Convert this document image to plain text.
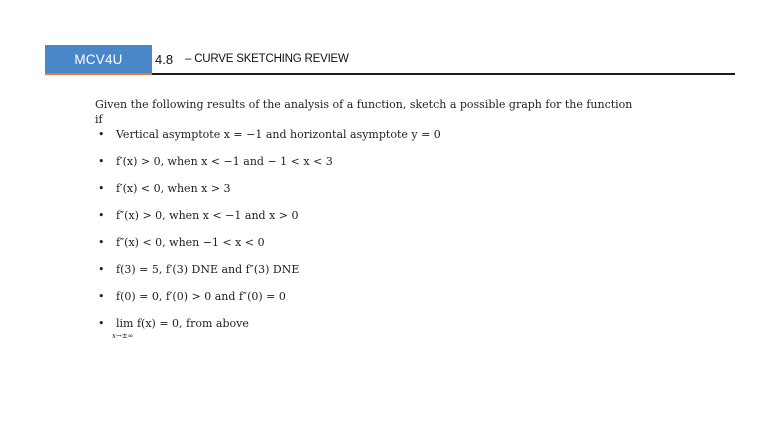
MCV4U 4.8 – CURVE SKETCHING REVIEW

Given the following results of the analysis of a function, sketch a possible graph for the function if

• Vertical asymptote x = −1 and horizontal asymptote y = 0
• f′(x) > 0, when x < −1 and − 1 < x < 3
• f′(x) < 0, when x > 3
• f″(x) > 0, when x < −1 and x > 0
• f″(x) < 0, when −1 < x < 0
• f(3) = 5, f′(3) DNE and f″(3) DNE
• f(0) = 0, f′(0) > 0 and f″(0) = 0
• lim f(x) = 0, from above
x→±∞
